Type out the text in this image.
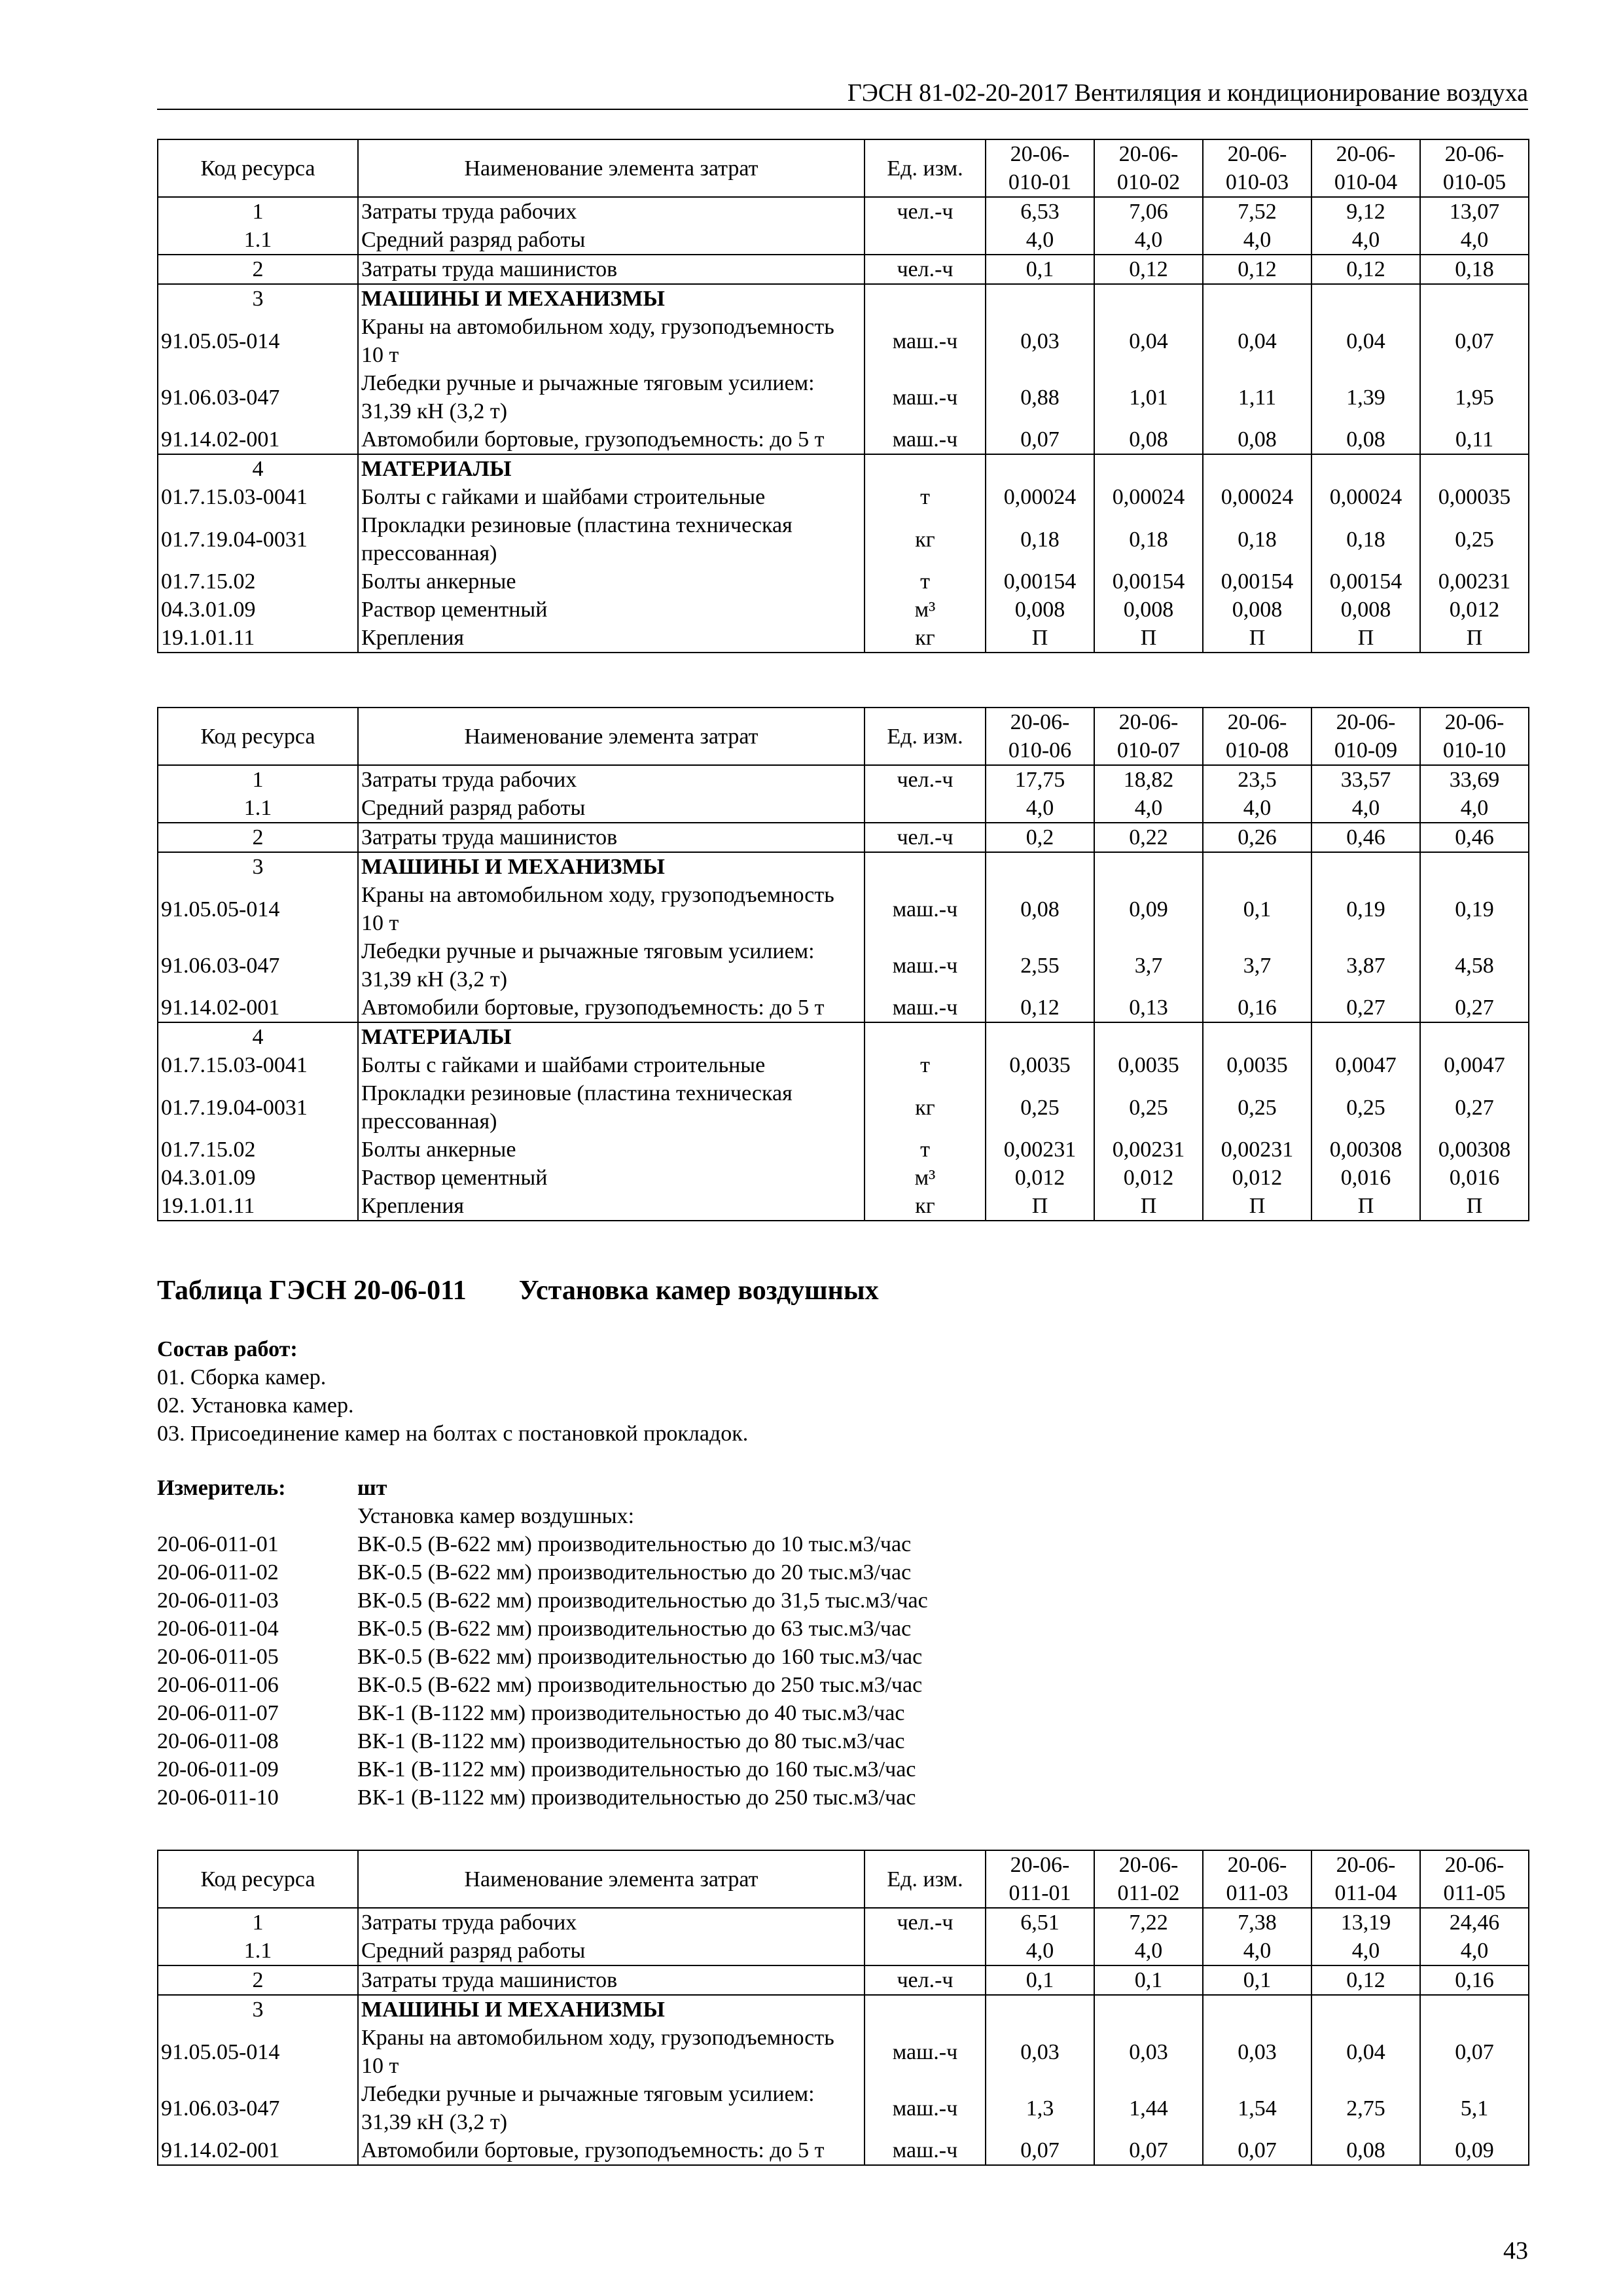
ГЭСН 81-02-20-2017 Вентиляция и кондиционирование воздуха
Код ресурса	Наименование элемента затрат	Ед. изм.	20-06- 010-01	20-06- 010-02	20-06- 010-03	20-06- 010-04	20-06- 010-05
1	Затраты труда рабочих	чел.-ч	6,53	7,06	7,52	9,12	13,07
1.1	Средний разряд работы		4,0	4,0	4,0	4,0	4,0
2	Затраты труда машинистов	чел.-ч	0,1	0,12	0,12	0,12	0,18
3	МАШИНЫ И МЕХАНИЗМЫ						
91.05.05-014	Краны на автомобильном ходу, грузоподъемность 10 т	маш.-ч	0,03	0,04	0,04	0,04	0,07
91.06.03-047	Лебедки ручные и рычажные тяговым усилием: 31,39 кН (3,2 т)	маш.-ч	0,88	1,01	1,11	1,39	1,95
91.14.02-001	Автомобили бортовые, грузоподъемность: до 5 т	маш.-ч	0,07	0,08	0,08	0,08	0,11
4	МАТЕРИАЛЫ						
01.7.15.03-0041	Болты с гайками и шайбами строительные	т	0,00024	0,00024	0,00024	0,00024	0,00035
01.7.19.04-0031	Прокладки резиновые (пластина техническая прессованная)	кг	0,18	0,18	0,18	0,18	0,25
01.7.15.02	Болты анкерные	т	0,00154	0,00154	0,00154	0,00154	0,00231
04.3.01.09	Раствор цементный	м³	0,008	0,008	0,008	0,008	0,012
19.1.01.11	Крепления	кг	П	П	П	П	П
Код ресурса	Наименование элемента затрат	Ед. изм.	20-06- 010-06	20-06- 010-07	20-06- 010-08	20-06- 010-09	20-06- 010-10
1	Затраты труда рабочих	чел.-ч	17,75	18,82	23,5	33,57	33,69
1.1	Средний разряд работы		4,0	4,0	4,0	4,0	4,0
2	Затраты труда машинистов	чел.-ч	0,2	0,22	0,26	0,46	0,46
3	МАШИНЫ И МЕХАНИЗМЫ						
91.05.05-014	Краны на автомобильном ходу, грузоподъемность 10 т	маш.-ч	0,08	0,09	0,1	0,19	0,19
91.06.03-047	Лебедки ручные и рычажные тяговым усилием: 31,39 кН (3,2 т)	маш.-ч	2,55	3,7	3,7	3,87	4,58
91.14.02-001	Автомобили бортовые, грузоподъемность: до 5 т	маш.-ч	0,12	0,13	0,16	0,27	0,27
4	МАТЕРИАЛЫ						
01.7.15.03-0041	Болты с гайками и шайбами строительные	т	0,0035	0,0035	0,0035	0,0047	0,0047
01.7.19.04-0031	Прокладки резиновые (пластина техническая прессованная)	кг	0,25	0,25	0,25	0,25	0,27
01.7.15.02	Болты анкерные	т	0,00231	0,00231	0,00231	0,00308	0,00308
04.3.01.09	Раствор цементный	м³	0,012	0,012	0,012	0,016	0,016
19.1.01.11	Крепления	кг	П	П	П	П	П
Таблица ГЭСН 20-06-011 Установка камер воздушных
Состав работ:
01. Сборка камер.
02. Установка камер.
03. Присоединение камер на болтах с постановкой прокладок.
Измеритель:	шт
Установка камер воздушных:
20-06-011-01	ВК-0.5 (В-622 мм) производительностью до 10 тыс.м3/час
20-06-011-02	ВК-0.5 (В-622 мм) производительностью до 20 тыс.м3/час
20-06-011-03	ВК-0.5 (В-622 мм) производительностью до 31,5 тыс.м3/час
20-06-011-04	ВК-0.5 (В-622 мм) производительностью до 63 тыс.м3/час
20-06-011-05	ВК-0.5 (В-622 мм) производительностью до 160 тыс.м3/час
20-06-011-06	ВК-0.5 (В-622 мм) производительностью до 250 тыс.м3/час
20-06-011-07	ВК-1 (В-1122 мм) производительностью до 40 тыс.м3/час
20-06-011-08	ВК-1 (В-1122 мм) производительностью до 80 тыс.м3/час
20-06-011-09	ВК-1 (В-1122 мм) производительностью до 160 тыс.м3/час
20-06-011-10	ВК-1 (В-1122 мм) производительностью до 250 тыс.м3/час
Код ресурса	Наименование элемента затрат	Ед. изм.	20-06- 011-01	20-06- 011-02	20-06- 011-03	20-06- 011-04	20-06- 011-05
1	Затраты труда рабочих	чел.-ч	6,51	7,22	7,38	13,19	24,46
1.1	Средний разряд работы		4,0	4,0	4,0	4,0	4,0
2	Затраты труда машинистов	чел.-ч	0,1	0,1	0,1	0,12	0,16
3	МАШИНЫ И МЕХАНИЗМЫ						
91.05.05-014	Краны на автомобильном ходу, грузоподъемность 10 т	маш.-ч	0,03	0,03	0,03	0,04	0,07
91.06.03-047	Лебедки ручные и рычажные тяговым усилием: 31,39 кН (3,2 т)	маш.-ч	1,3	1,44	1,54	2,75	5,1
91.14.02-001	Автомобили бортовые, грузоподъемность: до 5 т	маш.-ч	0,07	0,07	0,07	0,08	0,09
43
